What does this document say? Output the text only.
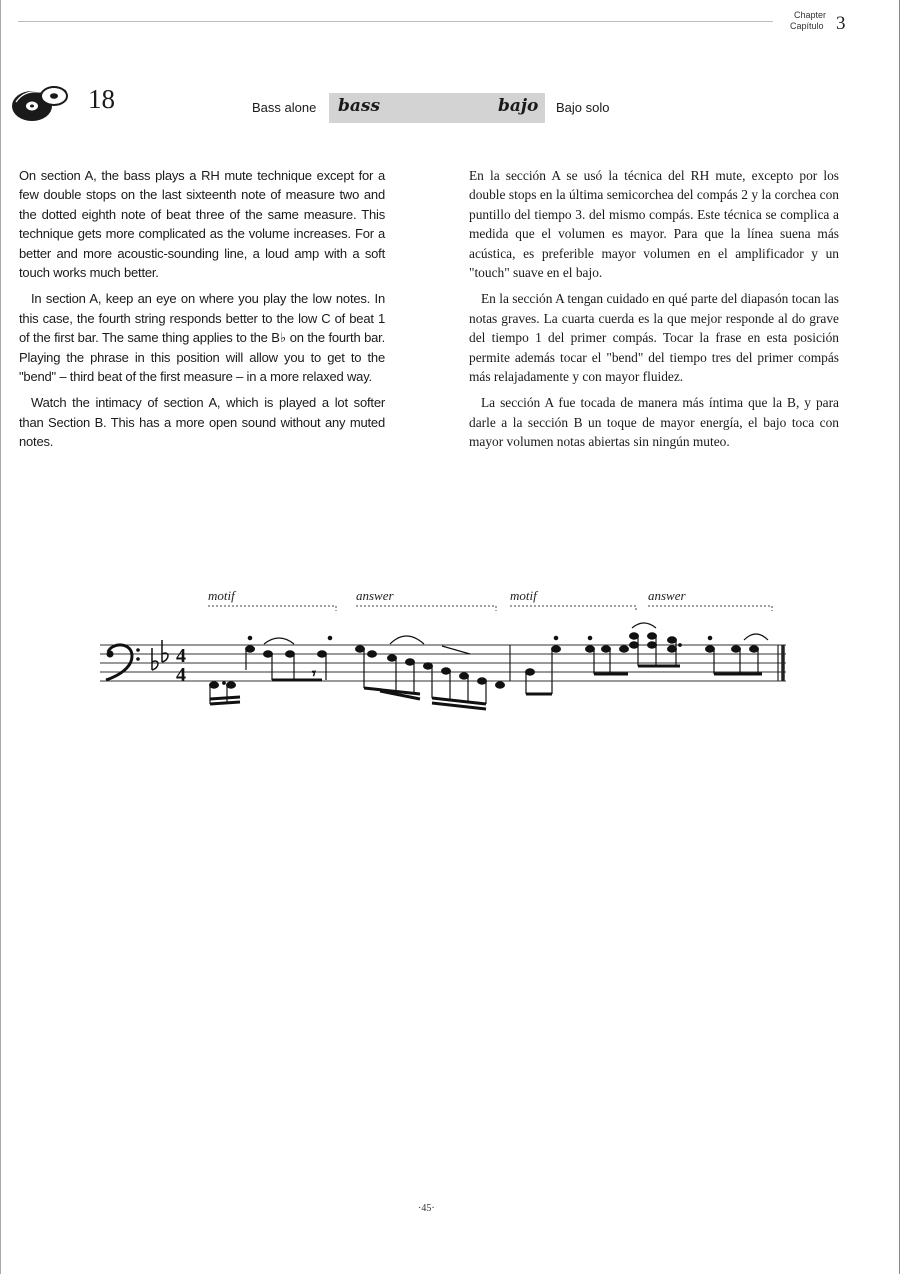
Chapter
Capítulo 3
18	Bass alone bass	bajo Bajo solo

On section A, the bass plays a RH mute technique except for a few double stops on the last sixteenth note of measure two and the dotted eighth note of beat three of the same measure. This technique gets more complicated as the volume increases. For a better and more acoustic-sounding line, a loud amp with a soft touch works much better.

In section A, keep an eye on where you play the low notes. In this case, the fourth string responds better to the low C of beat 1 of the first bar. The same thing applies to the B♭ on the fourth bar. Playing the phrase in this position will allow you to get to the "bend" – third beat of the first measure – in a more relaxed way.

Watch the intimacy of section A, which is played a lot softer than Section B. This has a more open sound without any muted notes.

En la sección A se usó la técnica del RH mute, excepto por los double stops en la última semicorchea del compás 2 y la corchea con puntillo del tiempo 3. del mismo compás. Este técnica se complica a medida que el volumen es mayor. Para que la línea suena más acústica, es preferible mayor volumen en el amplificador y un "touch" suave en el bajo.

En la sección A tengan cuidado en qué parte del diapasón tocan las notas graves. La cuarta cuerda es la que mejor responde al do grave del tiempo 1 del primer compás. Tocar la frase en esta posición permite además tocar el "bend" del tiempo tres del primer compás más relajadamente y con mayor fluidez.

La sección A fue tocada de manera más íntima que la B, y para darle a la sección B un toque de mayor energía, el bajo toca con mayor volumen notas abiertas sin ningún muteo.

motif	answer	motif	answer
4
4	𝄾
·45·
